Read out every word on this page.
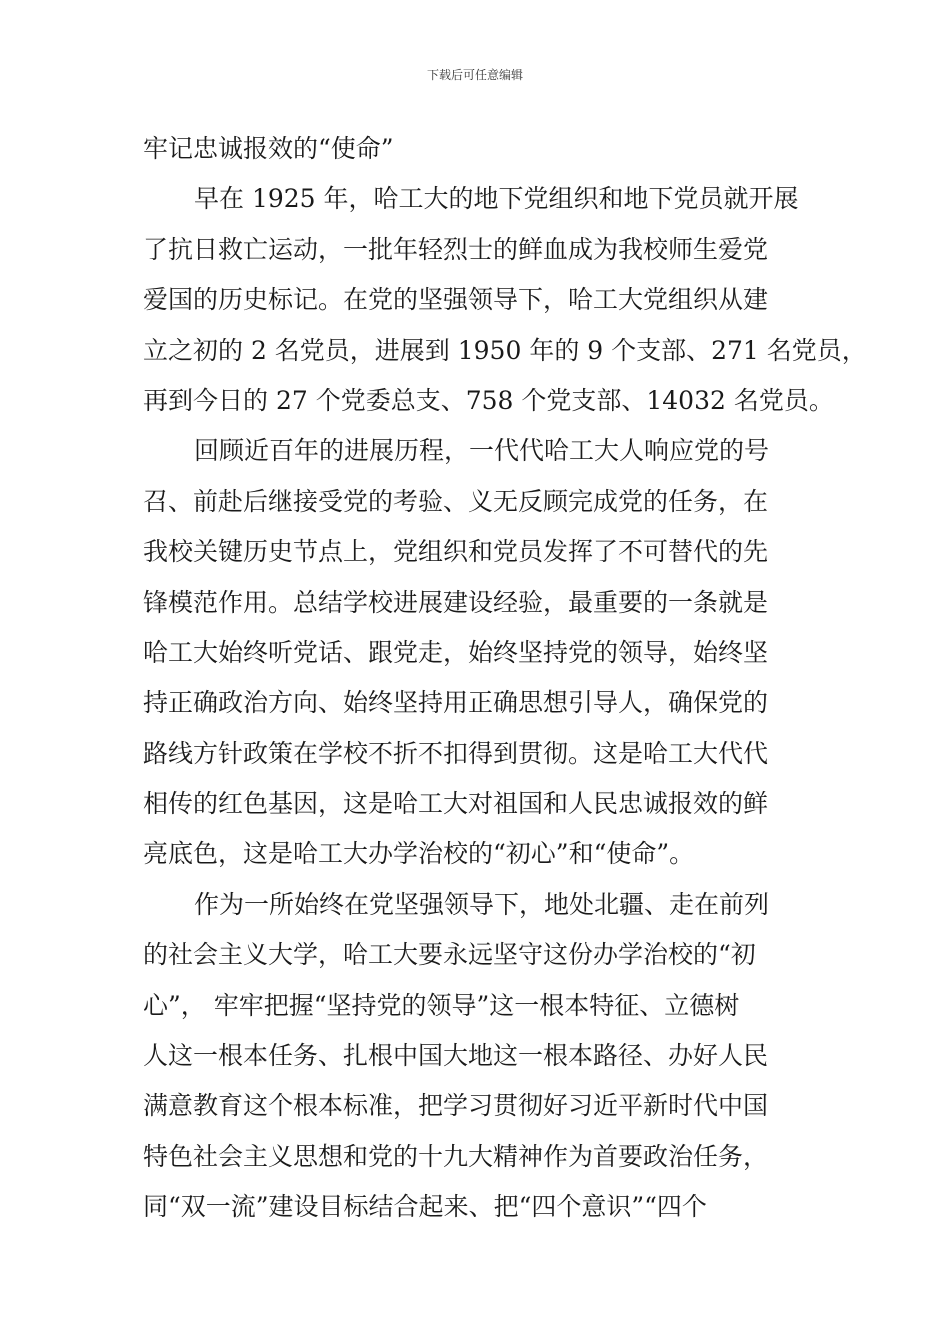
下载后可任意编辑
牢记忠诚报效的“使命”
早在 1925 年，哈工大的地下党组织和地下党员就开展
了抗日救亡运动，一批年轻烈士的鲜血成为我校师生爱党
爱国的历史标记。在党的坚强领导下，哈工大党组织从建
立之初的 2 名党员，进展到 1950 年的 9 个支部、271 名党员，
再到今日的 27 个党委总支、758 个党支部、14032 名党员。
回顾近百年的进展历程，一代代哈工大人响应党的号
召、前赴后继接受党的考验、义无反顾完成党的任务，在
我校关键历史节点上，党组织和党员发挥了不可替代的先
锋模范作用。总结学校进展建设经验，最重要的一条就是
哈工大始终听党话、跟党走，始终坚持党的领导，始终坚
持正确政治方向、始终坚持用正确思想引导人，确保党的
路线方针政策在学校不折不扣得到贯彻。这是哈工大代代
相传的红色基因，这是哈工大对祖国和人民忠诚报效的鲜
亮底色，这是哈工大办学治校的“初心”和“使命”。
作为一所始终在党坚强领导下，地处北疆、走在前列
的社会主义大学，哈工大要永远坚守这份办学治校的“初
心”， 牢牢把握“坚持党的领导”这一根本特征、立德树
人这一根本任务、扎根中国大地这一根本路径、办好人民
满意教育这个根本标准，把学习贯彻好习近平新时代中国
特色社会主义思想和党的十九大精神作为首要政治任务，
同“双一流”建设目标结合起来、把“四个意识”“四个
